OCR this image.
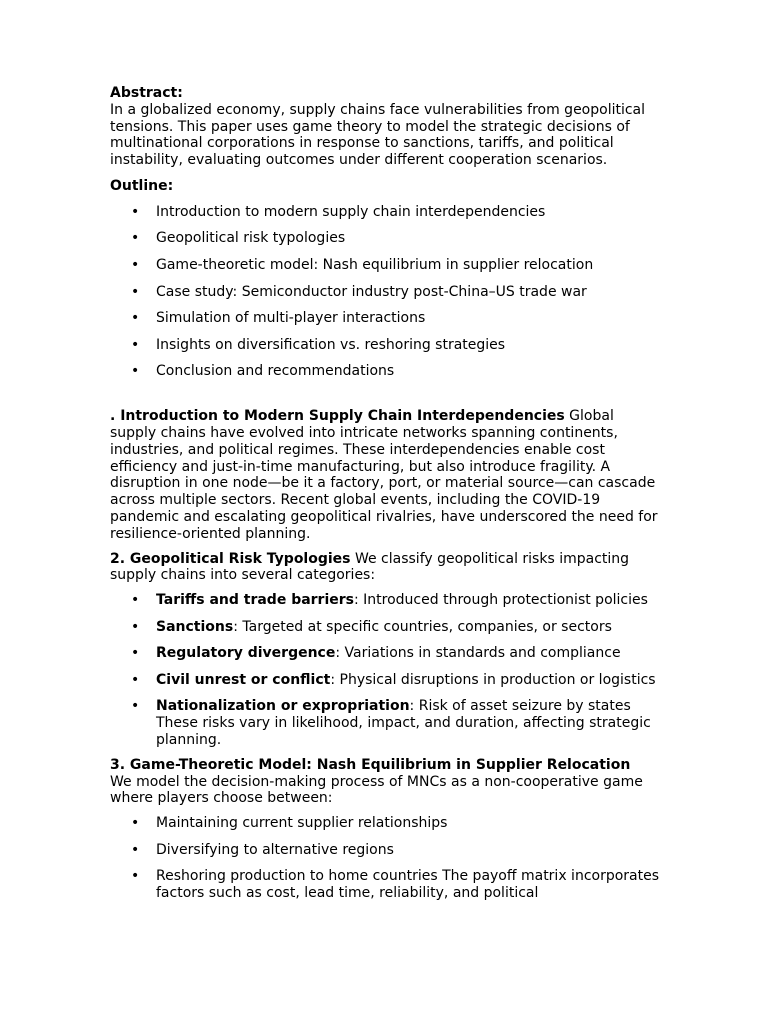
Abstract:

In a globalized economy, supply chains face vulnerabilities from geopolitical tensions. This paper uses game theory to model the strategic decisions of multinational corporations in response to sanctions, tariffs, and political instability, evaluating outcomes under different cooperation scenarios.

Outline:

• Introduction to modern supply chain interdependencies
• Geopolitical risk typologies
• Game-theoretic model: Nash equilibrium in supplier relocation
• Case study: Semiconductor industry post-China–US trade war
• Simulation of multi-player interactions
• Insights on diversification vs. reshoring strategies
• Conclusion and recommendations

. Introduction to Modern Supply Chain Interdependencies Global supply chains have evolved into intricate networks spanning continents, industries, and political regimes. These interdependencies enable cost efficiency and just-in-time manufacturing, but also introduce fragility. A disruption in one node—be it a factory, port, or material source—can cascade across multiple sectors. Recent global events, including the COVID-19 pandemic and escalating geopolitical rivalries, have underscored the need for resilience-oriented planning.

2. Geopolitical Risk Typologies We classify geopolitical risks impacting supply chains into several categories:

• Tariffs and trade barriers: Introduced through protectionist policies
• Sanctions: Targeted at specific countries, companies, or sectors
• Regulatory divergence: Variations in standards and compliance
• Civil unrest or conflict: Physical disruptions in production or logistics
• Nationalization or expropriation: Risk of asset seizure by states These risks vary in likelihood, impact, and duration, affecting strategic planning.

3. Game-Theoretic Model: Nash Equilibrium in Supplier Relocation

We model the decision-making process of MNCs as a non-cooperative game where players choose between:

• Maintaining current supplier relationships
• Diversifying to alternative regions
• Reshoring production to home countries The payoff matrix incorporates factors such as cost, lead time, reliability, and political
